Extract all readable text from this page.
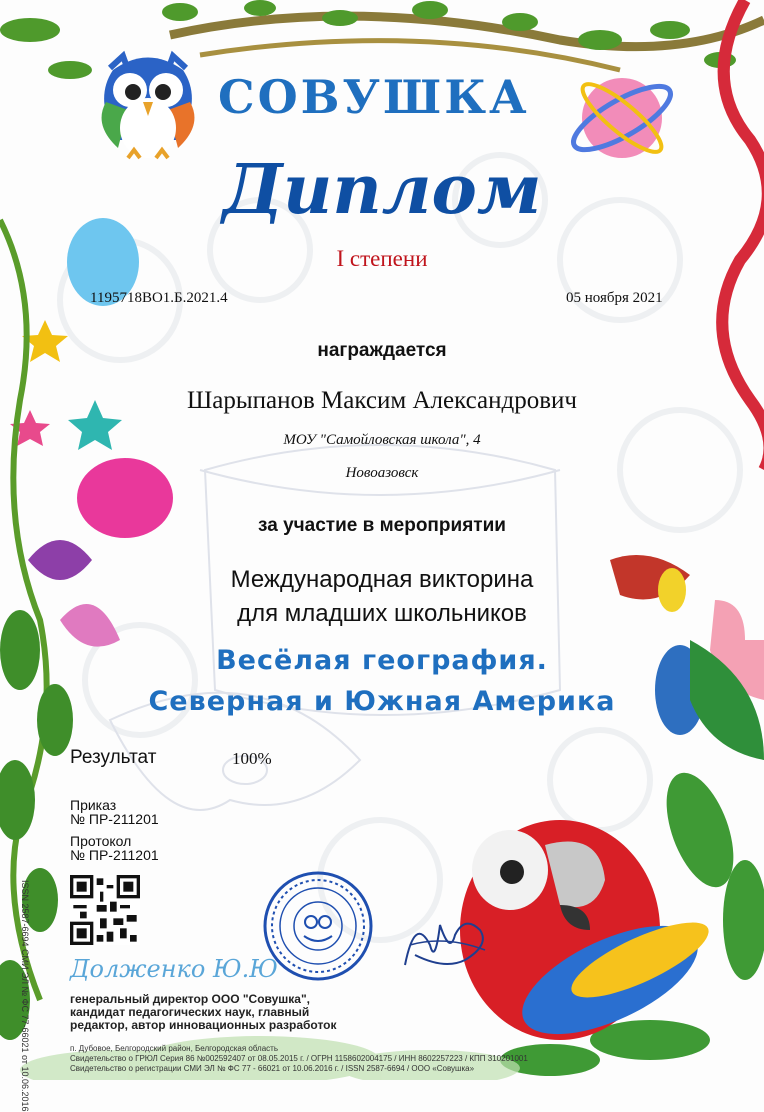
СОВУШКА
Диплом
I степени
1195718ВО1.Б.2021.4	05 ноября 2021
награждается
Шарыпанов Максим Александрович
МОУ "Самойловская школа", 4
Новоазовск
за участие в мероприятии
Международная викторина
для младших школьников
Весёлая география.
Северная и Южная Америка
Результат	100%
Приказ
№ ПР-211201
Протокол
№ ПР-211201
ISSN 2587-6694 СМИ ЭЛ № ФС 77-66021 от 10.06.2016 Долженко Ю.Ю
генеральный директор ООО "Совушка",
кандидат педагогических наук, главный
редактор, автор инновационных разработок
п. Дубовое, Белгородский район, Белгородская область
Свидетельство о ГРЮЛ Серия 86 №002592407 от 08.05.2015 г. / ОГРН 1158602004175 / ИНН 8602257223 / КПП 310201001
Свидетельство о регистрации СМИ ЭЛ № ФС 77 - 66021 от 10.06.2016 г. / ISSN 2587-6694 / ООО «Совушка»
